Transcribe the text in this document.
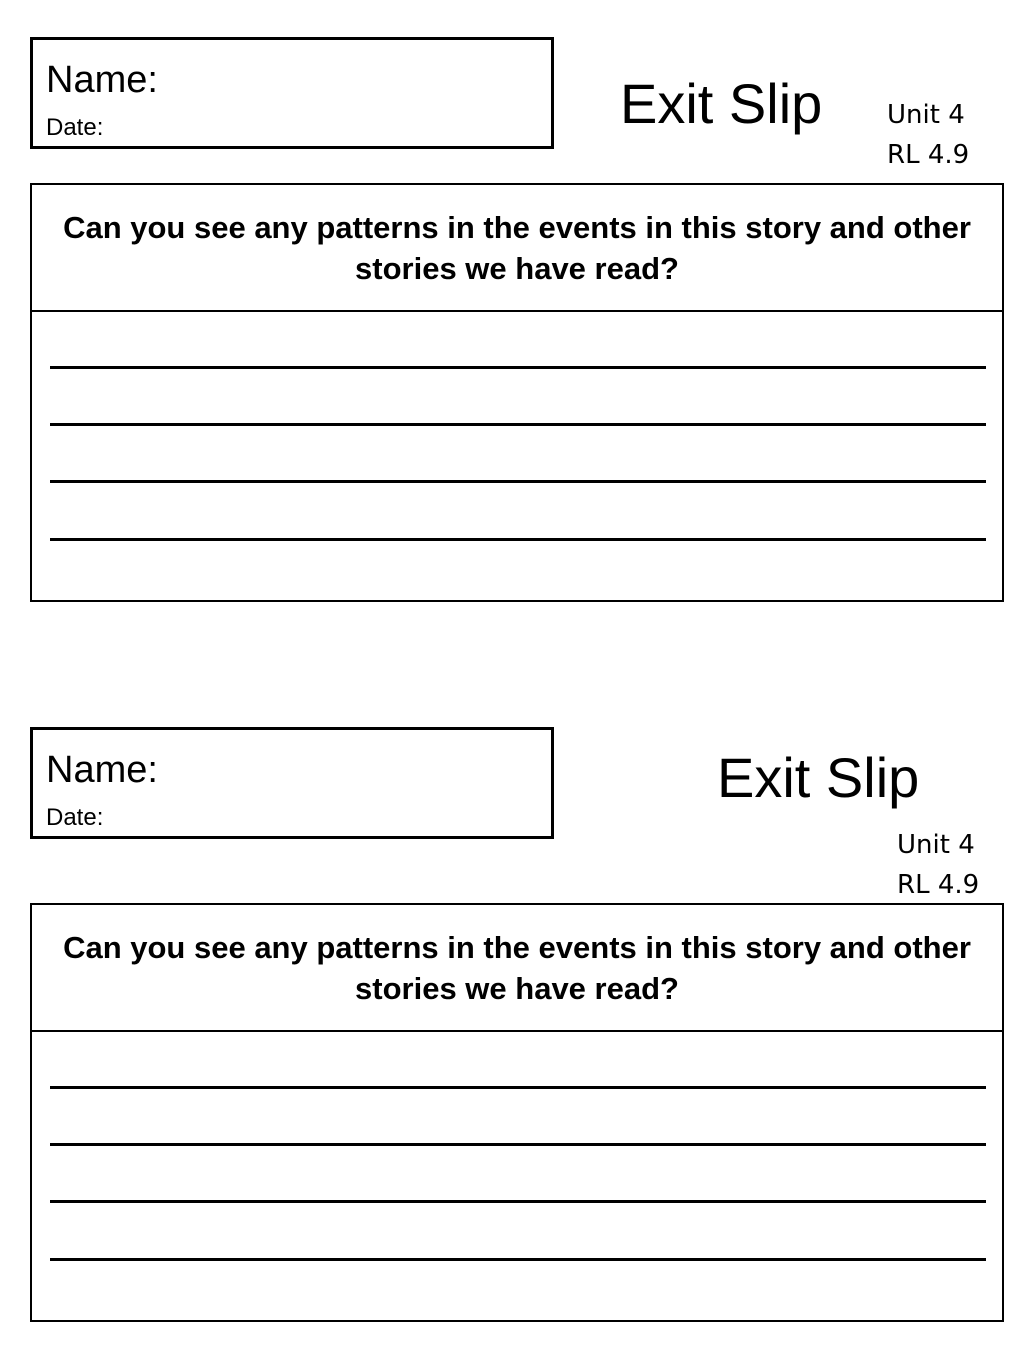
Name:
Date:	Exit Slip Unit 4
RL 4.9
Can you see any patterns in the events in this story and other stories we have read?
Name:
Date:
Exit Slip
Unit 4
RL 4.9
Can you see any patterns in the events in this story and other stories we have read?
